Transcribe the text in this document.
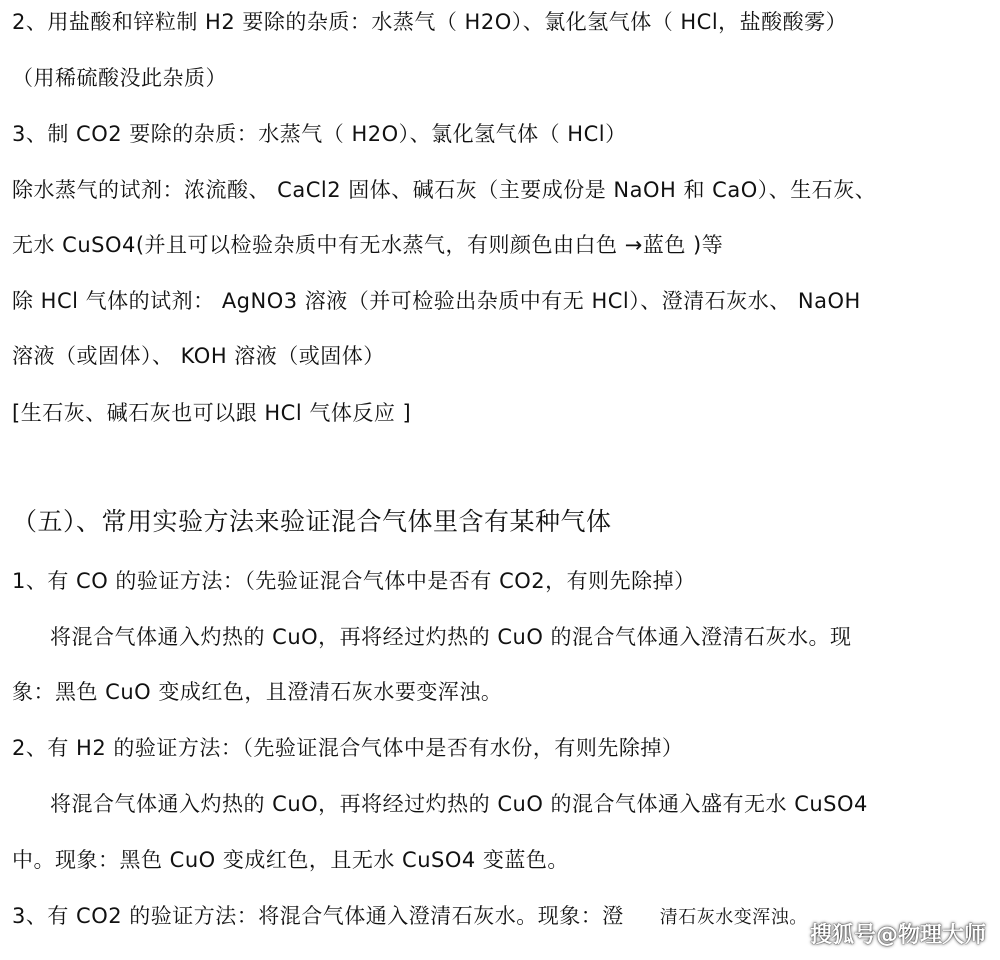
2、用盐酸和锌粒制 H2 要除的杂质：水蒸气（ H2O）、氯化氢气体（ HCl，盐酸酸雾）
（用稀硫酸没此杂质）
3、制 CO2 要除的杂质：水蒸气（ H2O）、氯化氢气体（ HCl）
除水蒸气的试剂：浓流酸、 CaCl2 固体、碱石灰（主要成份是 NaOH 和 CaO）、生石灰、
无水 CuSO4(并且可以检验杂质中有无水蒸气，有则颜色由白色 →蓝色 )等
除 HCl 气体的试剂： AgNO3 溶液（并可检验出杂质中有无 HCl）、澄清石灰水、 NaOH
溶液（或固体）、 KOH 溶液（或固体）
[生石灰、碱石灰也可以跟 HCl 气体反应 ]
（五）、常用实验方法来验证混合气体里含有某种气体
1、有 CO 的验证方法：（先验证混合气体中是否有 CO2，有则先除掉）
将混合气体通入灼热的 CuO，再将经过灼热的 CuO 的混合气体通入澄清石灰水。现
象：黑色 CuO 变成红色，且澄清石灰水要变浑浊。
2、有 H2 的验证方法：（先验证混合气体中是否有水份，有则先除掉）
将混合气体通入灼热的 CuO，再将经过灼热的 CuO 的混合气体通入盛有无水 CuSO4
中。现象：黑色 CuO 变成红色，且无水 CuSO4 变蓝色。
3、有 CO2 的验证方法：将混合气体通入澄清石灰水。现象：澄 清石灰水变浑浊。
搜狐号@物理大师
